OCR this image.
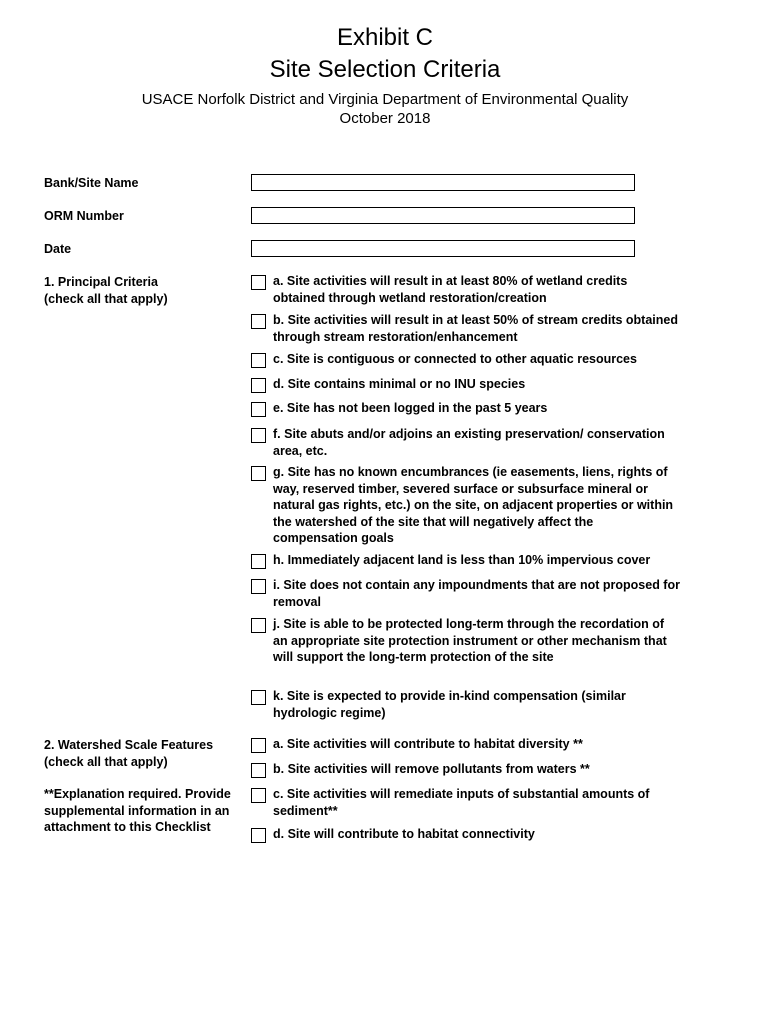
Exhibit C
Site Selection Criteria
USACE Norfolk District and Virginia Department of Environmental Quality
October 2018
Bank/Site Name
ORM Number
Date
1. Principal Criteria
(check all that apply)
a. Site activities will result in at least 80% of wetland credits obtained through wetland restoration/creation
b. Site activities will result in at least 50% of stream credits obtained through stream restoration/enhancement
c. Site is contiguous or connected to other aquatic resources
d. Site contains minimal or no INU species
e. Site has not been logged in the past 5 years
f. Site abuts and/or adjoins an existing preservation/ conservation area, etc.
g. Site has no known encumbrances (ie easements, liens, rights of way, reserved timber, severed surface or subsurface mineral or natural gas rights, etc.) on the site, on adjacent properties or within the watershed of the site that will negatively affect the compensation goals
h. Immediately adjacent land is less than 10% impervious cover
i. Site does not contain any impoundments that are not proposed for removal
j. Site is able to be protected long-term through the recordation of an appropriate site protection instrument or other mechanism that will support the long-term protection of the site
k. Site is expected to provide in-kind compensation (similar hydrologic regime)
2. Watershed Scale Features
(check all that apply)
**Explanation required. Provide supplemental information in an attachment to this Checklist
a. Site activities will contribute to habitat diversity **
b. Site activities will remove pollutants from waters **
c. Site activities will remediate inputs of substantial amounts of sediment**
d. Site will contribute to habitat connectivity
